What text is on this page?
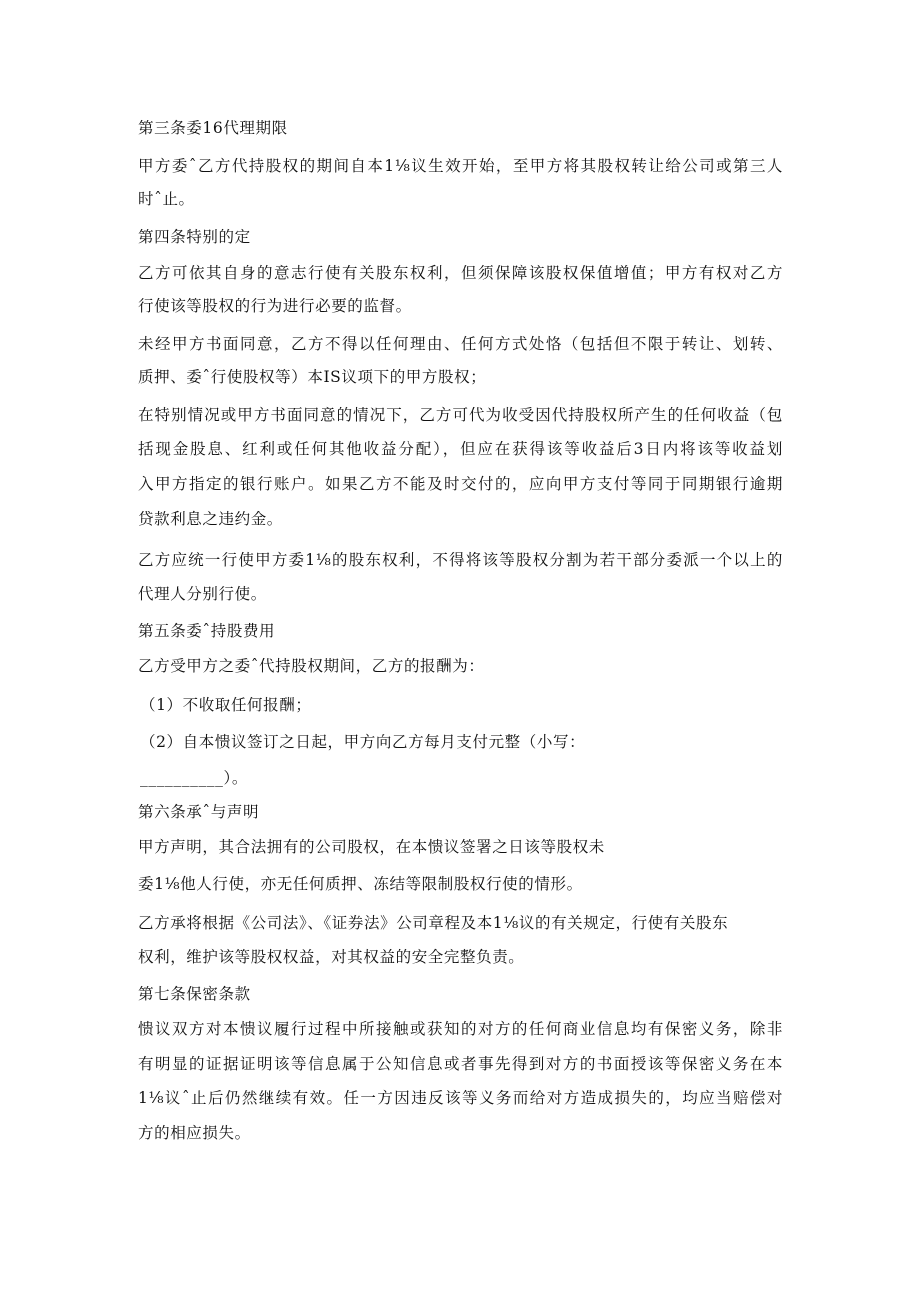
第三条委16代理期限
甲方委ˆ乙方代持股权的期间自本1⅛议生效开始，至甲方将其股权转让给公司或第三人
时ˆ止。
第四条特别的定
乙方可依其自身的意志行使有关股东权利，但须保障该股权保值增值；甲方有权对乙方
行使该等股权的行为进行必要的监督。
未经甲方书面同意，乙方不得以任何理由、任何方式处恪（包括但不限于转让、划转、
质押、委ˆ行使股权等）本IS议项下的甲方股权；
在特别情况或甲方书面同意的情况下，乙方可代为收受因代持股权所产生的任何收益（包
括现金股息、红利或任何其他收益分配），但应在获得该等收益后3日内将该等收益划
入甲方指定的银行账户。如果乙方不能及时交付的，应向甲方支付等同于同期银行逾期
贷款利息之违约金。
乙方应统一行使甲方委1⅛的股东权利，不得将该等股权分割为若干部分委派一个以上的
代理人分别行使。
第五条委ˆ持股费用
乙方受甲方之委ˆ代持股权期间，乙方的报酬为：
（1）不收取任何报酬；
（2）自本愦议签订之日起，甲方向乙方每月支付元整（小写：
__________）。
第六条承ˆ与声明
甲方声明，其合法拥有的公司股权，在本愦议签署之日该等股权未
委1⅛他人行使，亦无任何质押、冻结等限制股权行使的情形。
乙方承将根据《公司法》、《证券法》公司章程及本1⅛议的有关规定，行使有关股东
权利，维护该等股权权益，对其权益的安全完整负责。
第七条保密条款
愦议双方对本愦议履行过程中所接触或获知的对方的任何商业信息均有保密义务，除非
有明显的证据证明该等信息属于公知信息或者事先得到对方的书面授该等保密义务在本
1⅛议ˆ止后仍然继续有效。任一方因违反该等义务而给对方造成损失的，均应当赔偿对
方的相应损失。
